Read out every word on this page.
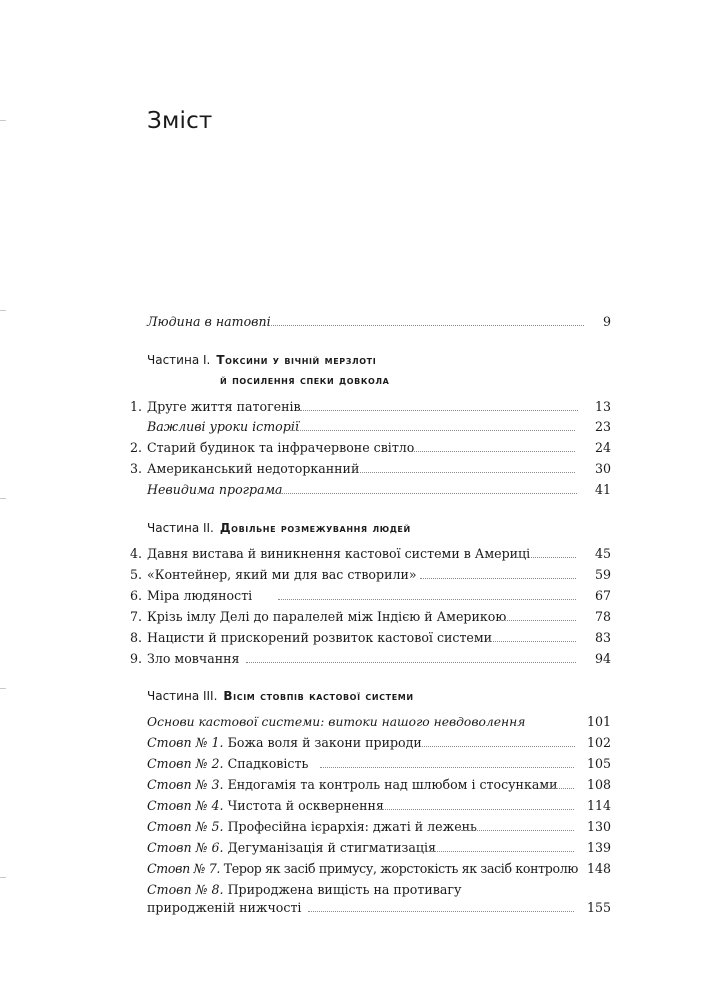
Зміст
Людина в натовпі	9
Частина I. Токсини у вічній мерзлоті
й посилення спеки довкола
1. Друге життя патогенів	13
Важливі уроки історії	23
2. Старий будинок та інфрачервоне світло	24
3. Американський недоторканний	30
Невидима програма	41
Частина II. Довільне розмежування людей
4. Давня вистава й виникнення кастової системи в Америці	45
5. «Контейнер, який ми для вас створили»	59
6. Міра людяності	67
7. Крізь імлу Делі до паралелей між Індією й Америкою	78
8. Нацисти й прискорений розвиток кастової системи	83
9. Зло мовчання	94
Частина III. Вісім стовпів кастової системи
Основи кастової системи: витоки нашого невдоволення	101
Стовп № 1. Божа воля й закони природи	102
Стовп № 2. Спадковість	105
Стовп № 3. Ендогамія та контроль над шлюбом і стосунками 108
Стовп № 4. Чистота й осквернення	114
Стовп № 5. Професійна ієрархія: джаті й лежень	130
Стовп № 6. Дегуманізація й стигматизація	139
Стовп № 7. Терор як засіб примусу, жорстокість як засіб контролю 148
Стовп № 8. Природжена вищість на противагу
природженій нижчості	155
